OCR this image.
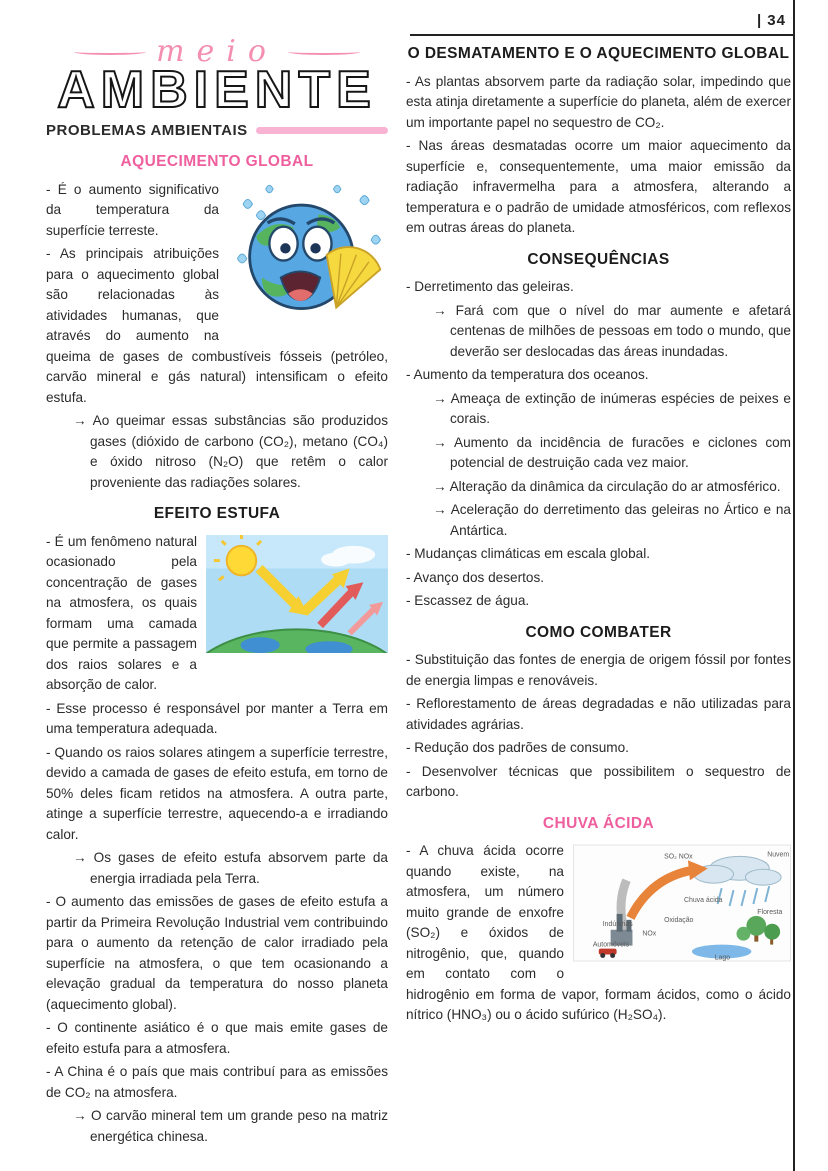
| 34
meio
AMBIENTE
PROBLEMAS AMBIENTAIS
AQUECIMENTO GLOBAL

- É o aumento significativo da temperatura da superfície terreste.

- As principais atribuições para o aquecimento global são relacionadas às atividades humanas, que através do aumento na queima de gases de combustíveis fósseis (petróleo, carvão mineral e gás natural) intensificam o efeito estufa.

→ Ao queimar essas substâncias são produzidos gases (dióxido de carbono (CO₂), metano (CO₄) e óxido nitroso (N₂O) que retêm o calor proveniente das radiações solares.

EFEITO ESTUFA

- É um fenômeno natural ocasionado pela concentração de gases na atmosfera, os quais formam uma camada que permite a passagem dos raios solares e a absorção de calor.

- Esse processo é responsável por manter a Terra em uma temperatura adequada.

- Quando os raios solares atingem a superfície terrestre, devido a camada de gases de efeito estufa, em torno de 50% deles ficam retidos na atmosfera. A outra parte, atinge a superfície terrestre, aquecendo-a e irradiando calor.

→ Os gases de efeito estufa absorvem parte da energia irradiada pela Terra.

- O aumento das emissões de gases de efeito estufa a partir da Primeira Revolução Industrial vem contribuindo para o aumento da retenção de calor irradiado pela superfície na atmosfera, o que tem ocasionando a elevação gradual da temperatura do nosso planeta (aquecimento global).

- O continente asiático é o que mais emite gases de efeito estufa para a atmosfera.

- A China é o país que mais contribuí para as emissões de CO₂ na atmosfera.

→ O carvão mineral tem um grande peso na matriz energética chinesa.

O DESMATAMENTO E O AQUECIMENTO GLOBAL

- As plantas absorvem parte da radiação solar, impedindo que esta atinja diretamente a superfície do planeta, além de exercer um importante papel no sequestro de CO₂.

- Nas áreas desmatadas ocorre um maior aquecimento da superfície e, consequentemente, uma maior emissão da radiação infravermelha para a atmosfera, alterando a temperatura e o padrão de umidade atmosféricos, com reflexos em outras áreas do planeta.

CONSEQUÊNCIAS

- Derretimento das geleiras.

→ Fará com que o nível do mar aumente e afetará centenas de milhões de pessoas em todo o mundo, que deverão ser deslocadas das áreas inundadas.

- Aumento da temperatura dos oceanos.

→ Ameaça de extinção de inúmeras espécies de peixes e corais.

→ Aumento da incidência de furacões e ciclones com potencial de destruição cada vez maior.

→ Alteração da dinâmica da circulação do ar atmosférico.

→ Aceleração do derretimento das geleiras no Ártico e na Antártica.

- Mudanças climáticas em escala global.

- Avanço dos desertos.

- Escassez de água.

COMO COMBATER

- Substituição das fontes de energia de origem fóssil por fontes de energia limpas e renováveis.

- Reflorestamento de áreas degradadas e não utilizadas para atividades agrárias.

- Redução dos padrões de consumo.

- Desenvolver técnicas que possibilitem o sequestro de carbono.

CHUVA ÁCIDA
SO₂ NOx	Nuvem
Chuva ácida
Oxidação
Floresta
Lago
Automóveis
Indústrias
NOx

- A chuva ácida ocorre quando existe, na atmosfera, um número muito grande de enxofre (SO₂) e óxidos de nitrogênio, que, quando em contato com o hidrogênio em forma de vapor, formam ácidos, como o ácido nítrico (HNO₃) ou o ácido sufúrico (H₂SO₄).
